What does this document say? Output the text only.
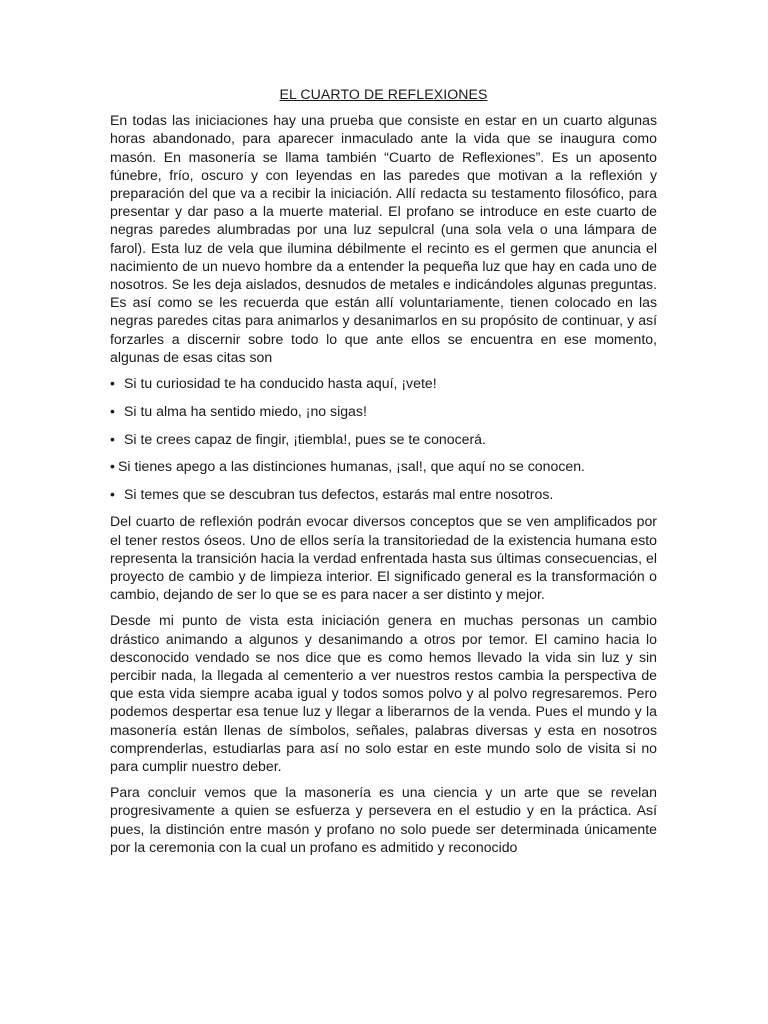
EL CUARTO DE REFLEXIONES

En todas las iniciaciones hay una prueba que consiste en estar en un cuarto algunas horas abandonado, para aparecer inmaculado ante la vida que se inaugura como masón. En masonería se llama también “Cuarto de Reflexiones”. Es un aposento fúnebre, frío, oscuro y con leyendas en las paredes que motivan a la reflexión y preparación del que va a recibir la iniciación. Allí redacta su testamento filosófico, para presentar y dar paso a la muerte material. El profano se introduce en este cuarto de negras paredes alumbradas por una luz sepulcral (una sola vela o una lámpara de farol). Esta luz de vela que ilumina débilmente el recinto es el germen que anuncia el nacimiento de un nuevo hombre da a entender la pequeña luz que hay en cada uno de nosotros. Se les deja aislados, desnudos de metales e indicándoles algunas preguntas. Es así como se les recuerda que están allí voluntariamente, tienen colocado en las negras paredes citas para animarlos y desanimarlos en su propósito de continuar, y así forzarles a discernir sobre todo lo que ante ellos se encuentra en ese momento, algunas de esas citas son

• Si tu curiosidad te ha conducido hasta aquí, ¡vete!
• Si tu alma ha sentido miedo, ¡no sigas!
• Si te crees capaz de fingir, ¡tiembla!, pues se te conocerá.
• Si tienes apego a las distinciones humanas, ¡sal!, que aquí no se conocen.
• Si temes que se descubran tus defectos, estarás mal entre nosotros.

Del cuarto de reflexión podrán evocar diversos conceptos que se ven amplificados por el tener restos óseos. Uno de ellos sería la transitoriedad de la existencia humana esto representa la transición hacia la verdad enfrentada hasta sus últimas consecuencias, el proyecto de cambio y de limpieza interior. El significado general es la transformación o cambio, dejando de ser lo que se es para nacer a ser distinto y mejor.

Desde mi punto de vista esta iniciación genera en muchas personas un cambio drástico animando a algunos y desanimando a otros por temor. El camino hacia lo desconocido vendado se nos dice que es como hemos llevado la vida sin luz y sin percibir nada, la llegada al cementerio a ver nuestros restos cambia la perspectiva de que esta vida siempre acaba igual y todos somos polvo y al polvo regresaremos. Pero podemos despertar esa tenue luz y llegar a liberarnos de la venda. Pues el mundo y la masonería están llenas de símbolos, señales, palabras diversas y esta en nosotros comprenderlas, estudiarlas para así no solo estar en este mundo solo de visita si no para cumplir nuestro deber.

Para concluir vemos que la masonería es una ciencia y un arte que se revelan progresivamente a quien se esfuerza y persevera en el estudio y en la práctica. Así pues, la distinción entre masón y profano no solo puede ser determinada únicamente por la ceremonia con la cual un profano es admitido y reconocido
